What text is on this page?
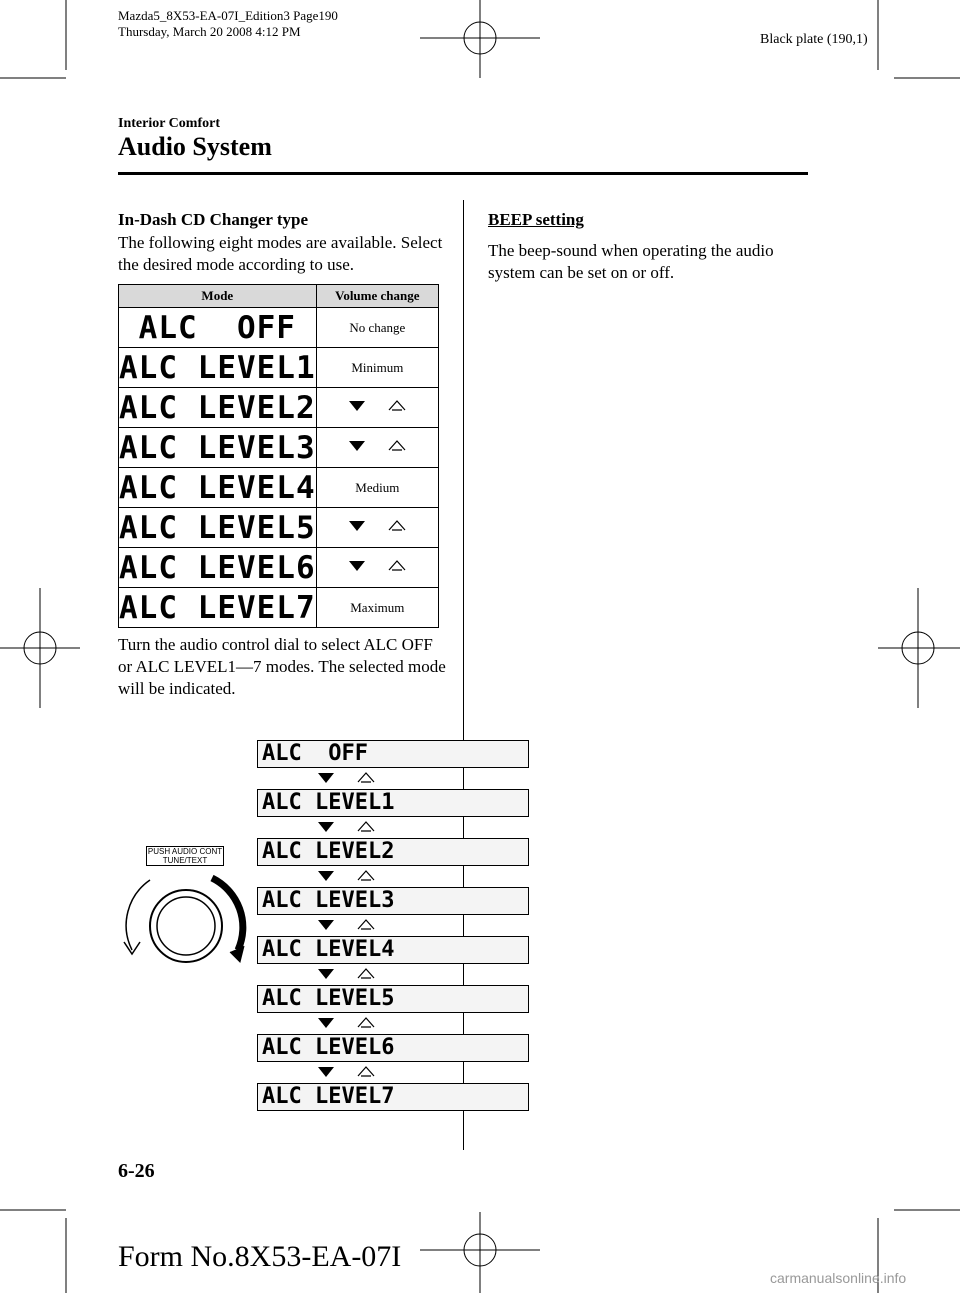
Mazda5_8X53-EA-07I_Edition3 Page190
Thursday, March 20 2008 4:12 PM
Black plate (190,1)
Interior Comfort
Audio System
In-Dash CD Changer type
The following eight modes are available. Select the desired mode according to use.
Mode	Volume change
ALC  OFF	No change
ALC LEVEL1	Minimum
ALC LEVEL2	

ALC LEVEL3	

ALC LEVEL4	Medium
ALC LEVEL5	

ALC LEVEL6	

ALC LEVEL7	Maximum
Turn the audio control dial to select ALC OFF or ALC LEVEL1―7 modes. The selected mode will be indicated.
PUSH AUDIO CONT
TUNE/TEXT
ALC  OFF
ALC LEVEL1
ALC LEVEL2
ALC LEVEL3
ALC LEVEL4
ALC LEVEL5
ALC LEVEL6
ALC LEVEL7
BEEP setting
The beep-sound when operating the audio system can be set on or off.
6-26
Form No.8X53-EA-07I
carmanualsonline.info
